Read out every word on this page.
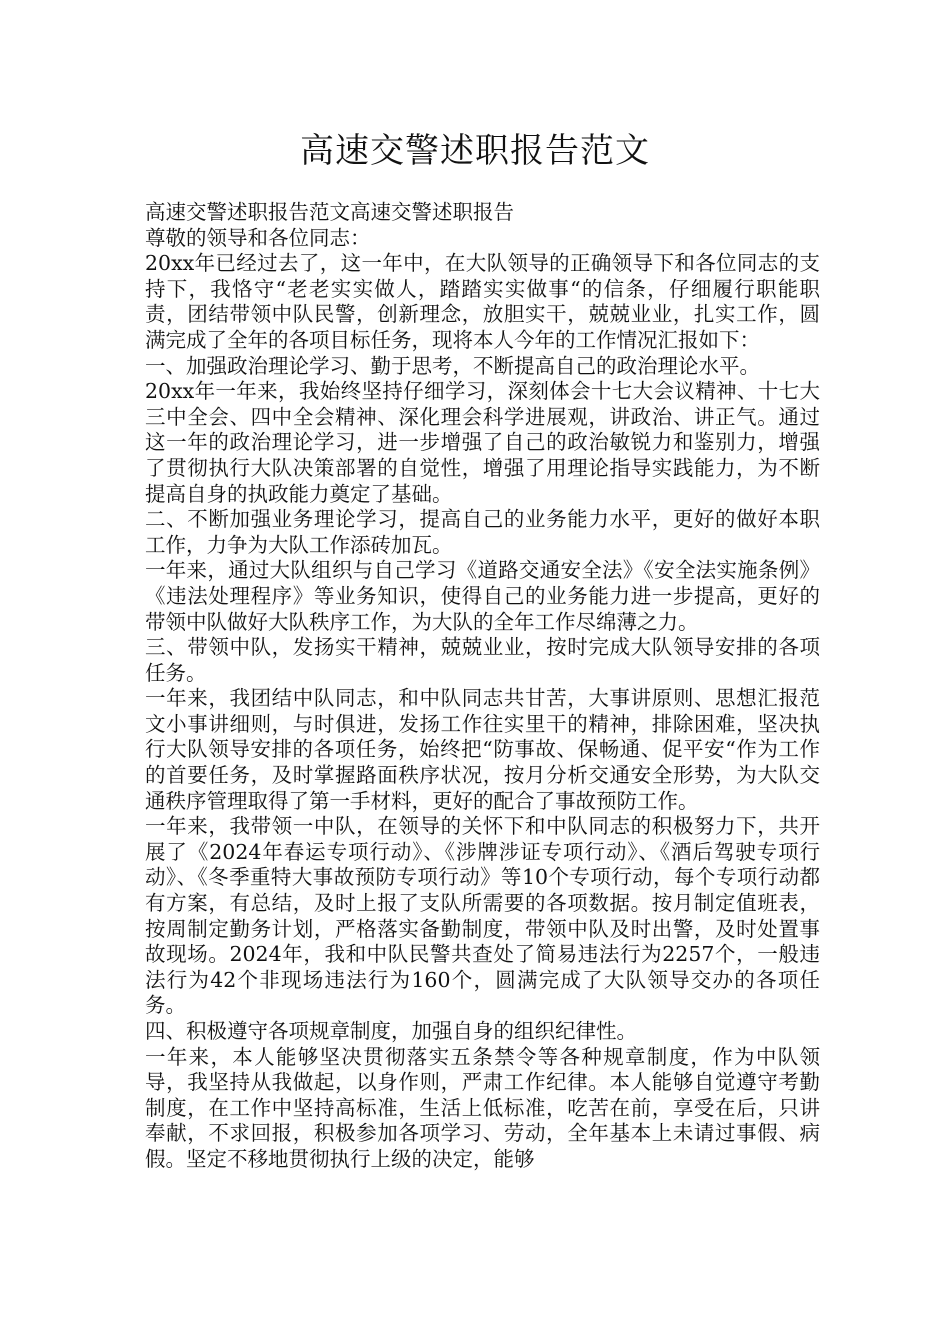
高速交警述职报告范文

高速交警述职报告范文高速交警述职报告

尊敬的领导和各位同志：

20xx年已经过去了，这一年中，在大队领导的正确领导下和各位同志的支持下，我恪守“老老实实做人，踏踏实实做事“的信条，仔细履行职能职责，团结带领中队民警，创新理念，放胆实干，兢兢业业，扎实工作，圆满完成了全年的各项目标任务，现将本人今年的工作情况汇报如下：

一、加强政治理论学习、勤于思考，不断提高自己的政治理论水平。

20xx年一年来，我始终坚持仔细学习，深刻体会十七大会议精神、十七大三中全会、四中全会精神、深化理会科学进展观，讲政治、讲正气。通过这一年的政治理论学习，进一步增强了自己的政治敏锐力和鉴别力，增强了贯彻执行大队决策部署的自觉性，增强了用理论指导实践能力，为不断提高自身的执政能力奠定了基础。

二、不断加强业务理论学习，提高自己的业务能力水平，更好的做好本职工作，力争为大队工作添砖加瓦。

一年来，通过大队组织与自己学习《道路交通安全法》《安全法实施条例》《违法处理程序》等业务知识，使得自己的业务能力进一步提高，更好的带领中队做好大队秩序工作，为大队的全年工作尽绵薄之力。

三、带领中队，发扬实干精神，兢兢业业，按时完成大队领导安排的各项任务。

一年来，我团结中队同志，和中队同志共甘苦，大事讲原则、思想汇报范文小事讲细则，与时俱进，发扬工作往实里干的精神，排除困难，坚决执行大队领导安排的各项任务，始终把“防事故、保畅通、促平安“作为工作的首要任务，及时掌握路面秩序状况，按月分析交通安全形势，为大队交通秩序管理取得了第一手材料，更好的配合了事故预防工作。

一年来，我带领一中队，在领导的关怀下和中队同志的积极努力下，共开展了《2024年春运专项行动》、《涉牌涉证专项行动》、《酒后驾驶专项行动》、《冬季重特大事故预防专项行动》等10个专项行动，每个专项行动都有方案，有总结，及时上报了支队所需要的各项数据。按月制定值班表，按周制定勤务计划，严格落实备勤制度，带领中队及时出警，及时处置事故现场。2024年，我和中队民警共查处了简易违法行为2257个，一般违法行为42个非现场违法行为160个，圆满完成了大队领导交办的各项任务。

四、积极遵守各项规章制度，加强自身的组织纪律性。

一年来，本人能够坚决贯彻落实五条禁令等各种规章制度，作为中队领导，我坚持从我做起，以身作则，严肃工作纪律。本人能够自觉遵守考勤制度，在工作中坚持高标准，生活上低标准，吃苦在前，享受在后，只讲奉献，不求回报，积极参加各项学习、劳动，全年基本上未请过事假、病假。坚定不移地贯彻执行上级的决定，能够
